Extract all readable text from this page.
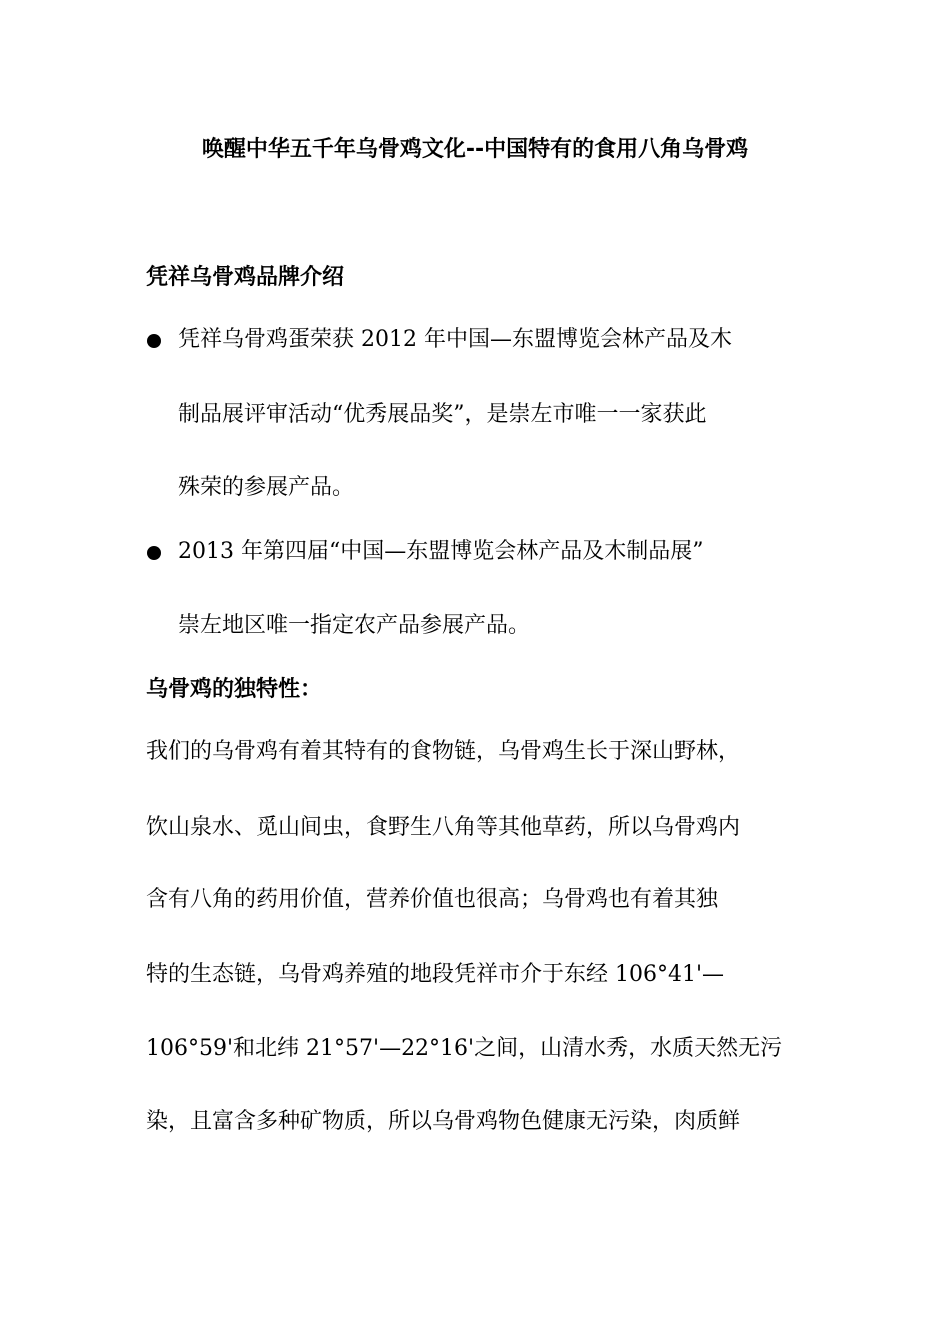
唤醒中华五千年乌骨鸡文化--中国特有的食用八角乌骨鸡
凭祥乌骨鸡品牌介绍
凭祥乌骨鸡蛋荣获 2012 年中国—东盟博览会林产品及木
制品展评审活动“优秀展品奖”，是崇左市唯一一家获此
殊荣的参展产品。
2013 年第四届“中国—东盟博览会林产品及木制品展”
崇左地区唯一指定农产品参展产品。
乌骨鸡的独特性：
我们的乌骨鸡有着其特有的食物链，乌骨鸡生长于深山野林，
饮山泉水、觅山间虫，食野生八角等其他草药，所以乌骨鸡内
含有八角的药用价值，营养价值也很高；乌骨鸡也有着其独
特的生态链，乌骨鸡养殖的地段凭祥市介于东经 106°41'—
106°59'和北纬 21°57'—22°16'之间，山清水秀，水质天然无污
染，且富含多种矿物质，所以乌骨鸡物色健康无污染，肉质鲜
